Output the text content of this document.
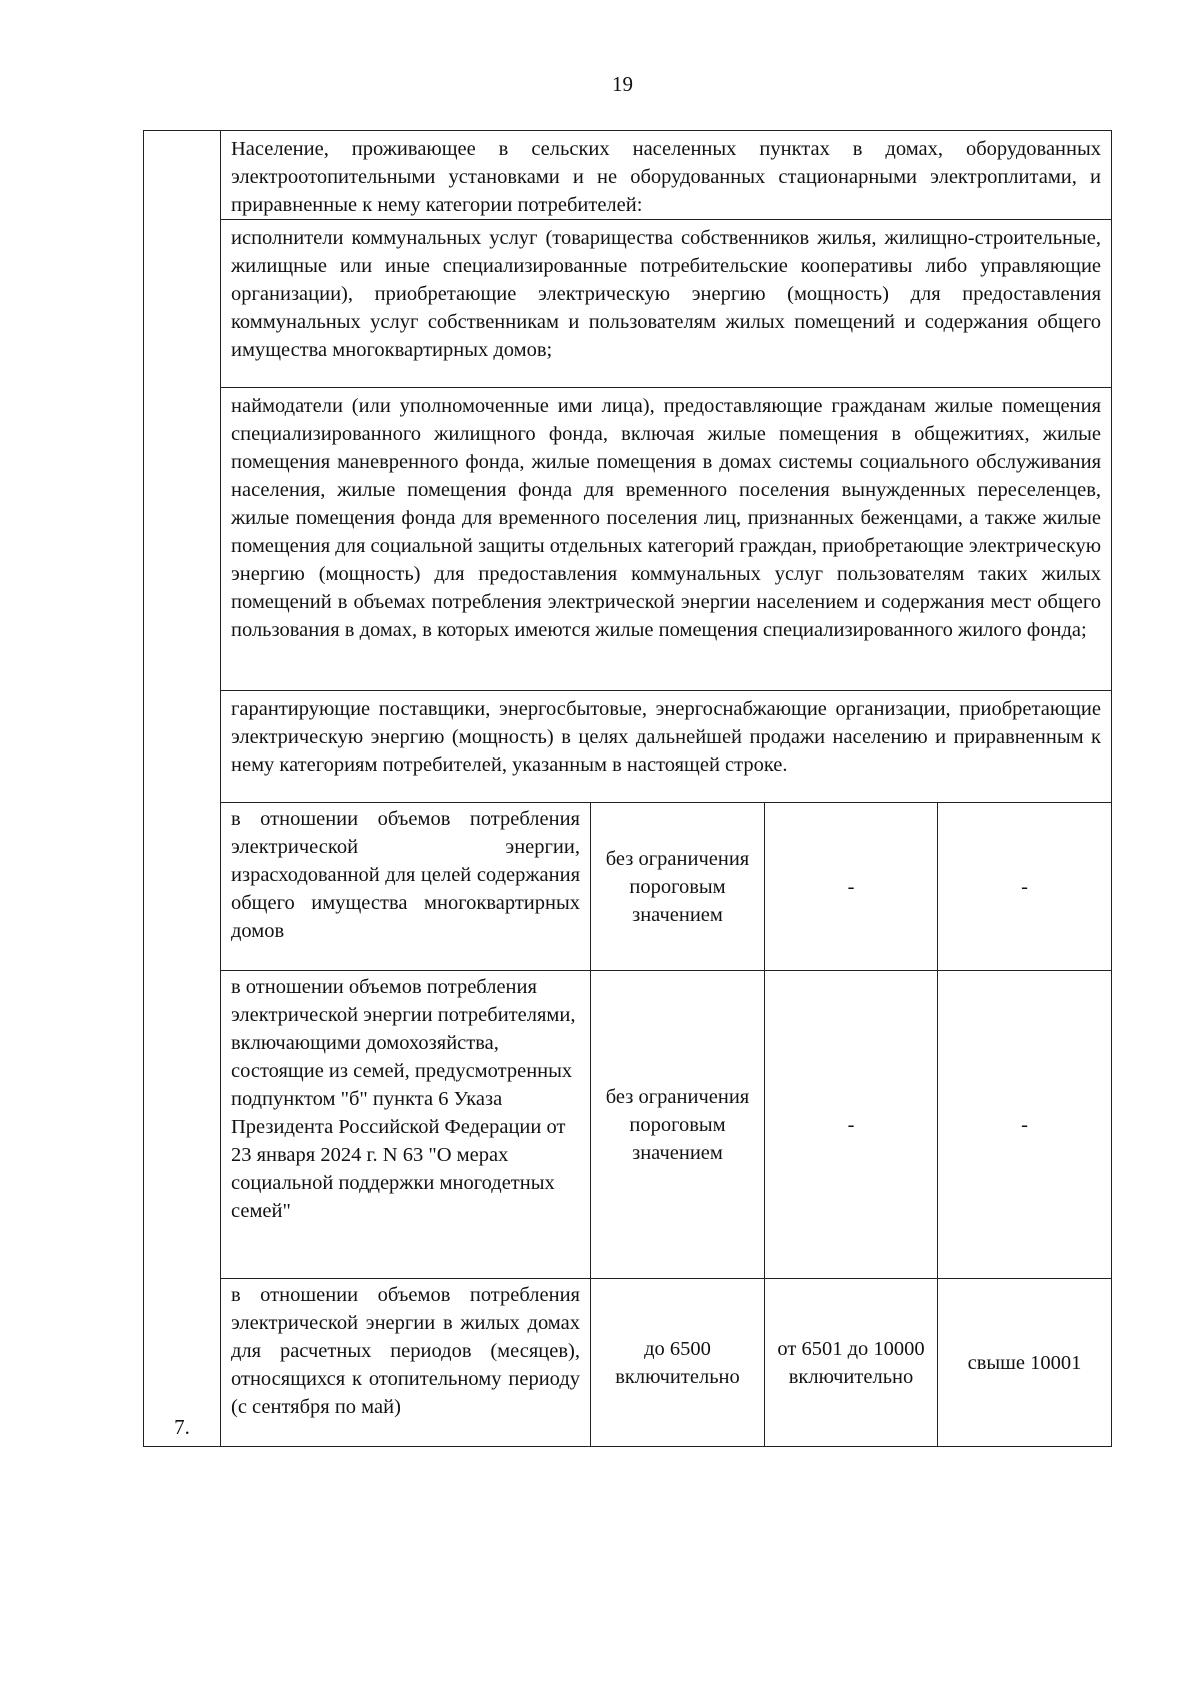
19
7.	Население, проживающее в сельских населенных пунктах в домах, оборудованных электроотопительными установками и не оборудованных стационарными электроплитами, и приравненные к нему категории потребителей:			
	исполнители коммунальных услуг (товарищества собственников жилья, жилищно-строительные, жилищные или иные специализированные потребительские кооперативы либо управляющие организации), приобретающие электрическую энергию (мощность) для предоставления коммунальных услуг собственникам и пользователям жилых помещений и содержания общего имущества многоквартирных домов;			
	наймодатели (или уполномоченные ими лица), предоставляющие гражданам жилые помещения специализированного жилищного фонда, включая жилые помещения в общежитиях, жилые помещения маневренного фонда, жилые помещения в домах системы социального обслуживания населения, жилые помещения фонда для временного поселения вынужденных переселенцев, жилые помещения фонда для временного поселения лиц, признанных беженцами, а также жилые помещения для социальной защиты отдельных категорий граждан, приобретающие электрическую энергию (мощность) для предоставления коммунальных услуг пользователям таких жилых помещений в объемах потребления электрической энергии населением и содержания мест общего пользования в домах, в которых имеются жилые помещения специализированного жилого фонда;			
	гарантирующие поставщики, энергосбытовые, энергоснабжающие организации, приобретающие электрическую энергию (мощность) в целях дальнейшей продажи населению и приравненным к нему категориям потребителей, указанным в настоящей строке.			
	в отношении объемов потребления электрической энергии, израсходованной для целей содержания общего имущества многоквартирных домов	без ограничения пороговым значением	-	-
	в отношении объемов потребления электрической энергии потребителями, включающими домохозяйства, состоящие из семей, предусмотренных подпунктом "б" пункта 6 Указа Президента Российской Федерации от 23 января 2024 г. N 63 "О мерах социальной поддержки многодетных семей"	без ограничения пороговым значением	-	-
	в отношении объемов потребления электрической энергии в жилых домах для расчетных периодов (месяцев), относящихся к отопительному периоду (с сентября по май)	до 6500 включительно	от 6501 до 10000 включительно	свыше 10001
